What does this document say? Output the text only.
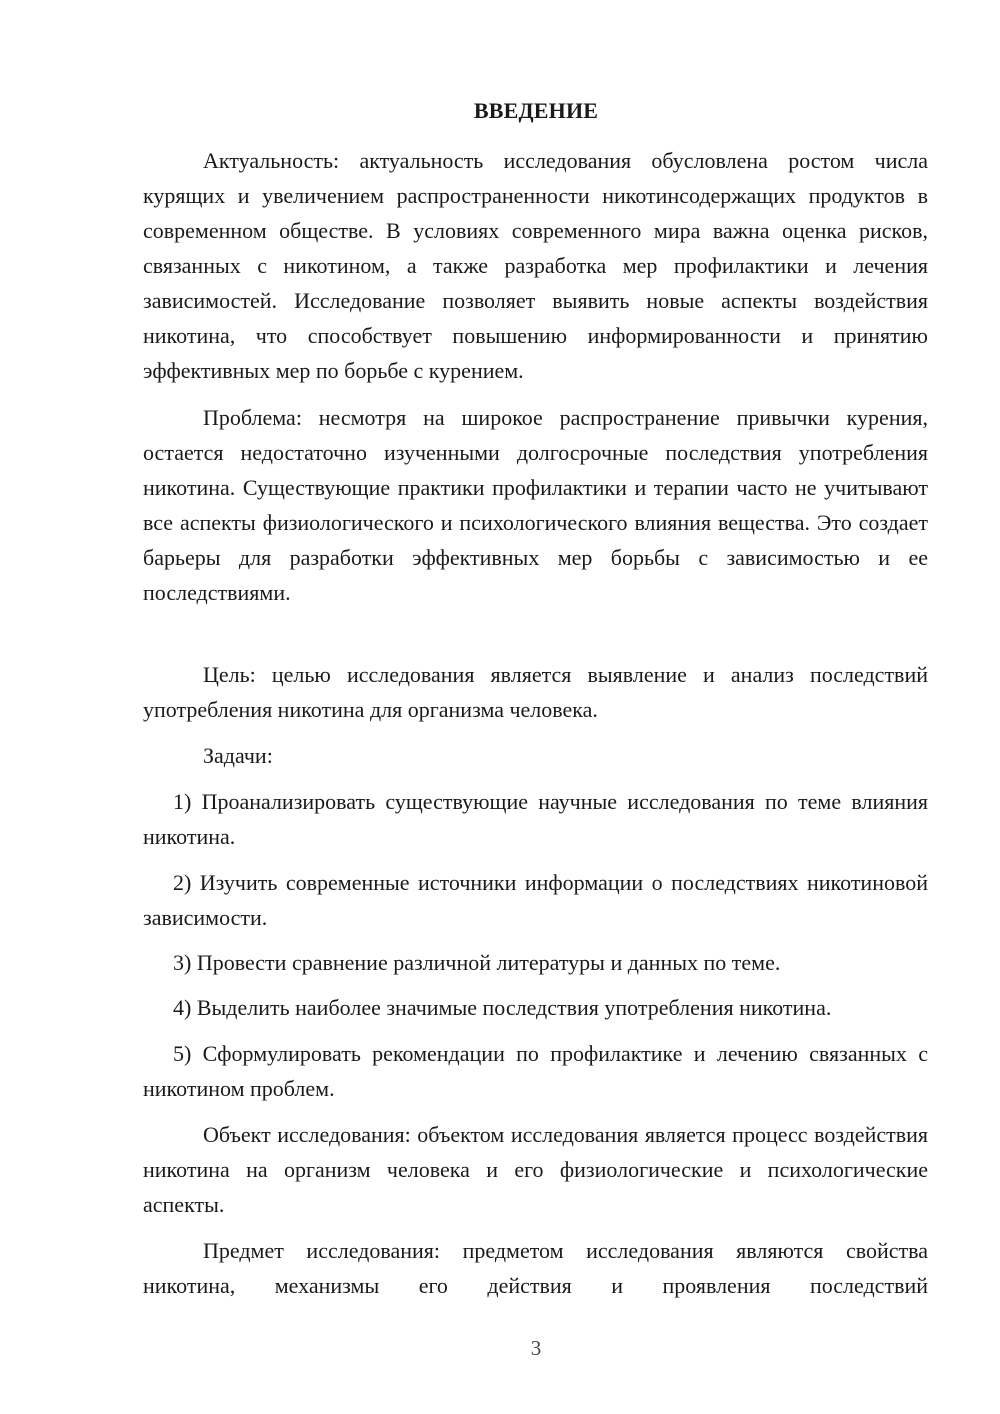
ВВЕДЕНИЕ

Актуальность: актуальность исследования обусловлена ростом числа курящих и увеличением распространенности никотинсодержащих продуктов в современном обществе. В условиях современного мира важна оценка рисков, связанных с никотином, а также разработка мер профилактики и лечения зависимостей. Исследование позволяет выявить новые аспекты воздействия никотина, что способствует повышению информированности и принятию эффективных мер по борьбе с курением.

Проблема: несмотря на широкое распространение привычки курения, остается недостаточно изученными долгосрочные последствия употребления никотина. Существующие практики профилактики и терапии часто не учитывают все аспекты физиологического и психологического влияния вещества. Это создает барьеры для разработки эффективных мер борьбы с зависимостью и ее последствиями.

Цель: целью исследования является выявление и анализ последствий употребления никотина для организма человека.

Задачи:

1) Проанализировать существующие научные исследования по теме влияния никотина.

2) Изучить современные источники информации о последствиях никотиновой зависимости.

3) Провести сравнение различной литературы и данных по теме.

4) Выделить наиболее значимые последствия употребления никотина.

5) Сформулировать рекомендации по профилактике и лечению связанных с никотином проблем.

Объект исследования: объектом исследования является процесс воздействия никотина на организм человека и его физиологические и психологические аспекты.

Предмет исследования: предметом исследования являются свойства никотина, механизмы его действия и проявления последствий

3
